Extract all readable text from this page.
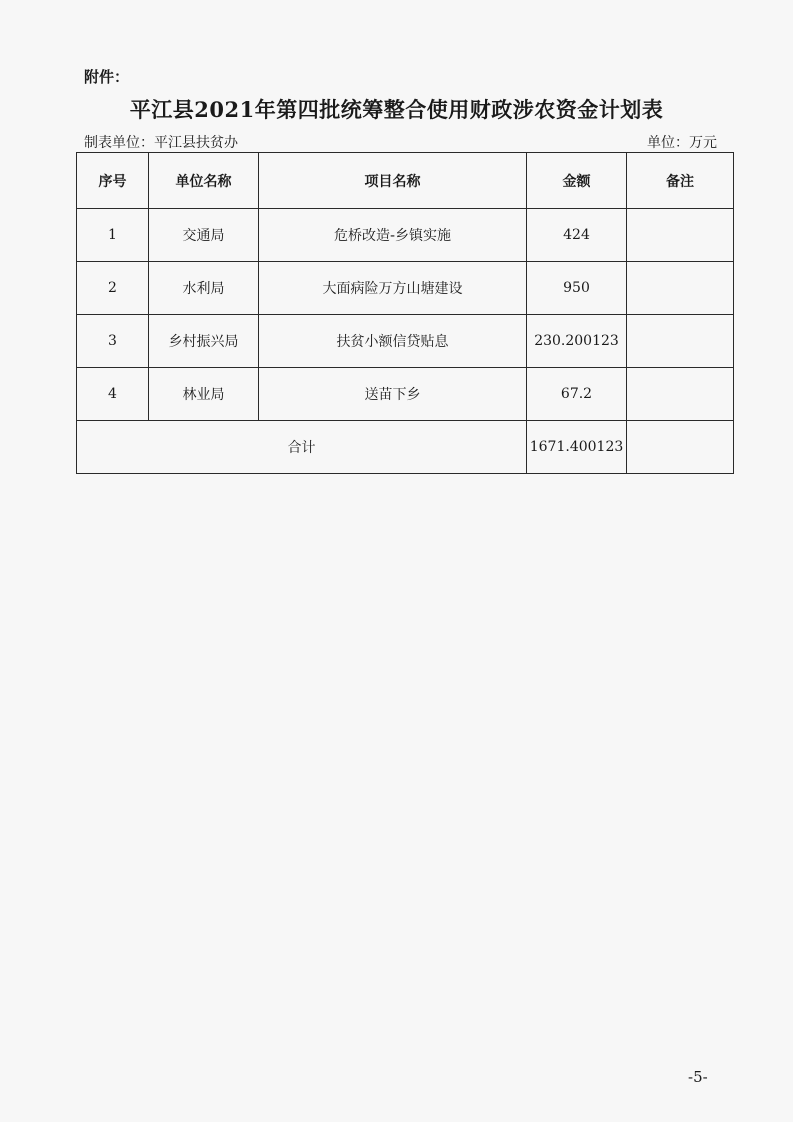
附件：
平江县2021年第四批统筹整合使用财政涉农资金计划表
制表单位：平江县扶贫办	单位：万元
序号	单位名称	项目名称	金额	备注
1	交通局	危桥改造-乡镇实施	424	
2	水利局	大面病险万方山塘建设	950	
3	乡村振兴局	扶贫小额信贷贴息	230.200123	
4	林业局	送苗下乡	67.2	
合计			1671.400123	
-5-
